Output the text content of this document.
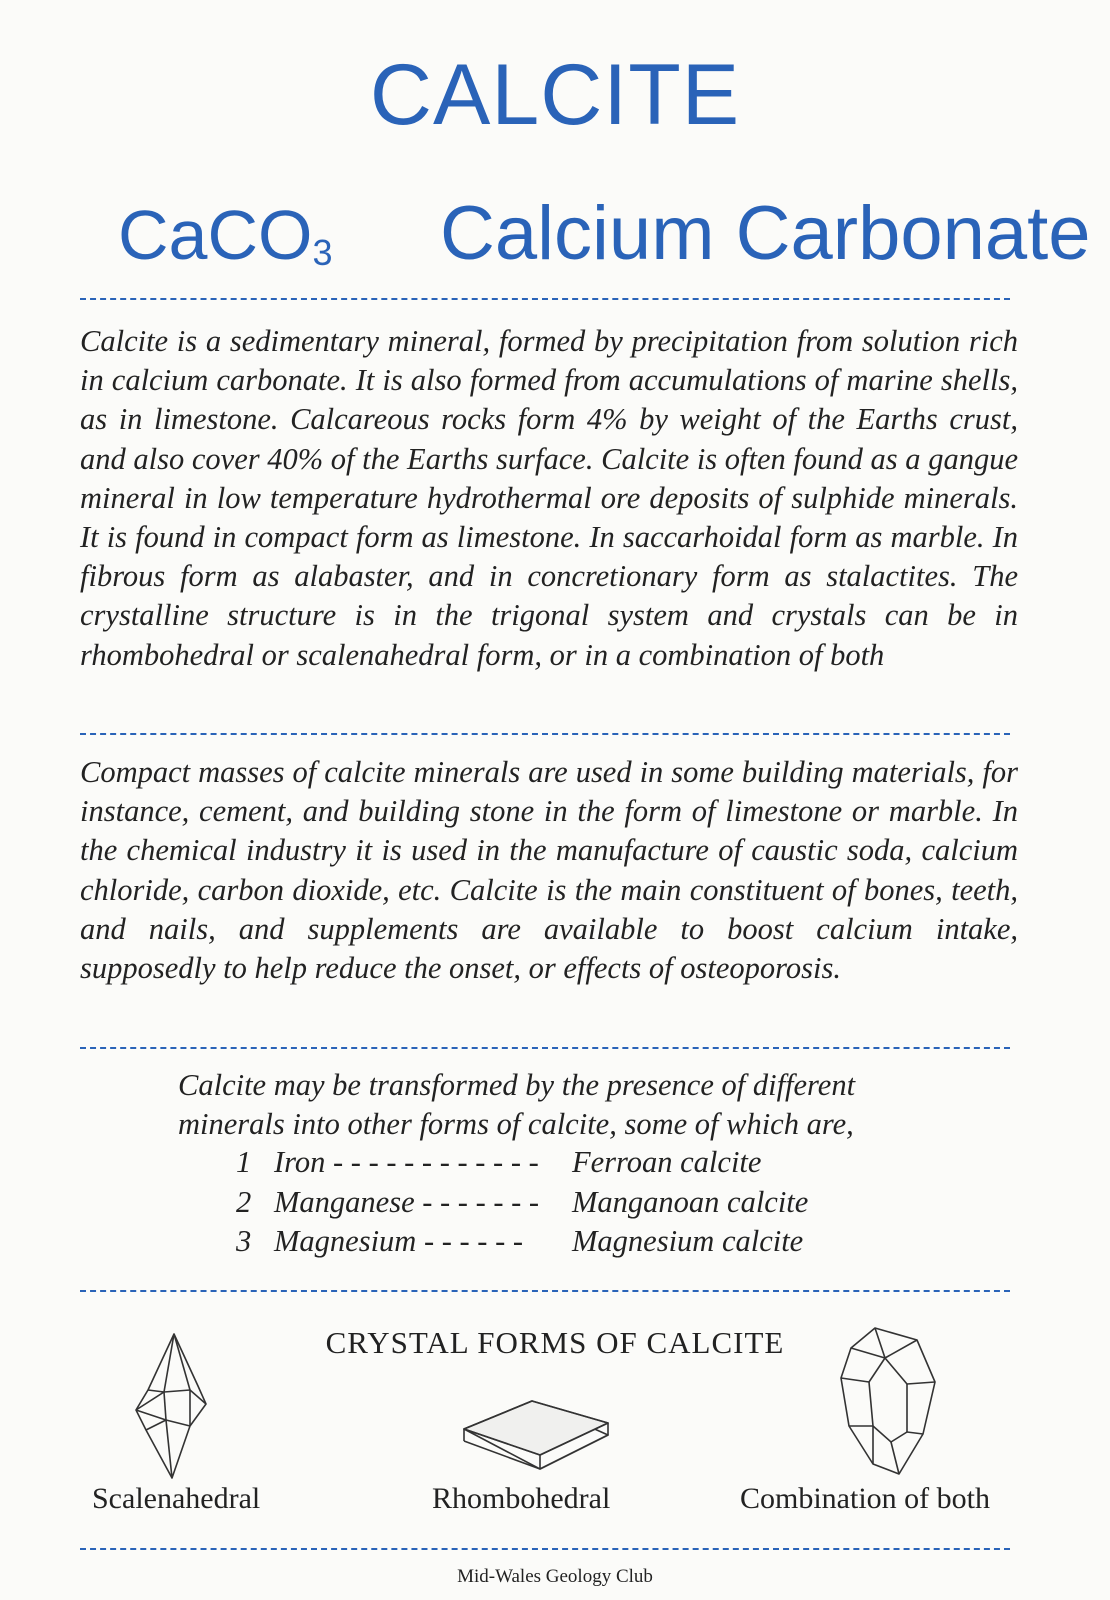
CALCITE
CaCO$_3$ Calcium Carbonate
Calcite is a sedimentary mineral, formed by precipitation from solution rich in calcium carbonate. It is also formed from accumulations of marine shells, as in limestone. Calcareous rocks form 4% by weight of the Earths crust, and also cover 40% of the Earths surface. Calcite is often found as a gangue mineral in low temperature hydrothermal ore deposits of sulphide minerals. It is found in compact form as limestone. In saccarhoidal form as marble. In fibrous form as alabaster, and in concretionary form as stalactites. The crystalline structure is in the trigonal system and crystals can be in rhombohedral or scalenahedral form, or in a combination of both
Compact masses of calcite minerals are used in some building materials, for instance, cement, and building stone in the form of limestone or marble. In the chemical industry it is used in the manufacture of caustic soda, calcium chloride, carbon dioxide, etc. Calcite is the main constituent of bones, teeth, and nails, and supplements are available to boost calcium intake, supposedly to help reduce the onset, or effects of osteoporosis.
Calcite may be transformed by the presence of different
minerals into other forms of calcite, some of which are,
1 Iron - - - - - - - - - - - - Ferroan calcite
2 Manganese - - - - - - - Manganoan calcite
3 Magnesium - - - - - - Magnesium calcite
CRYSTAL FORMS OF CALCITE
Scalenahedral	Rhombohedral	Combination of both
Mid-Wales Geology Club
